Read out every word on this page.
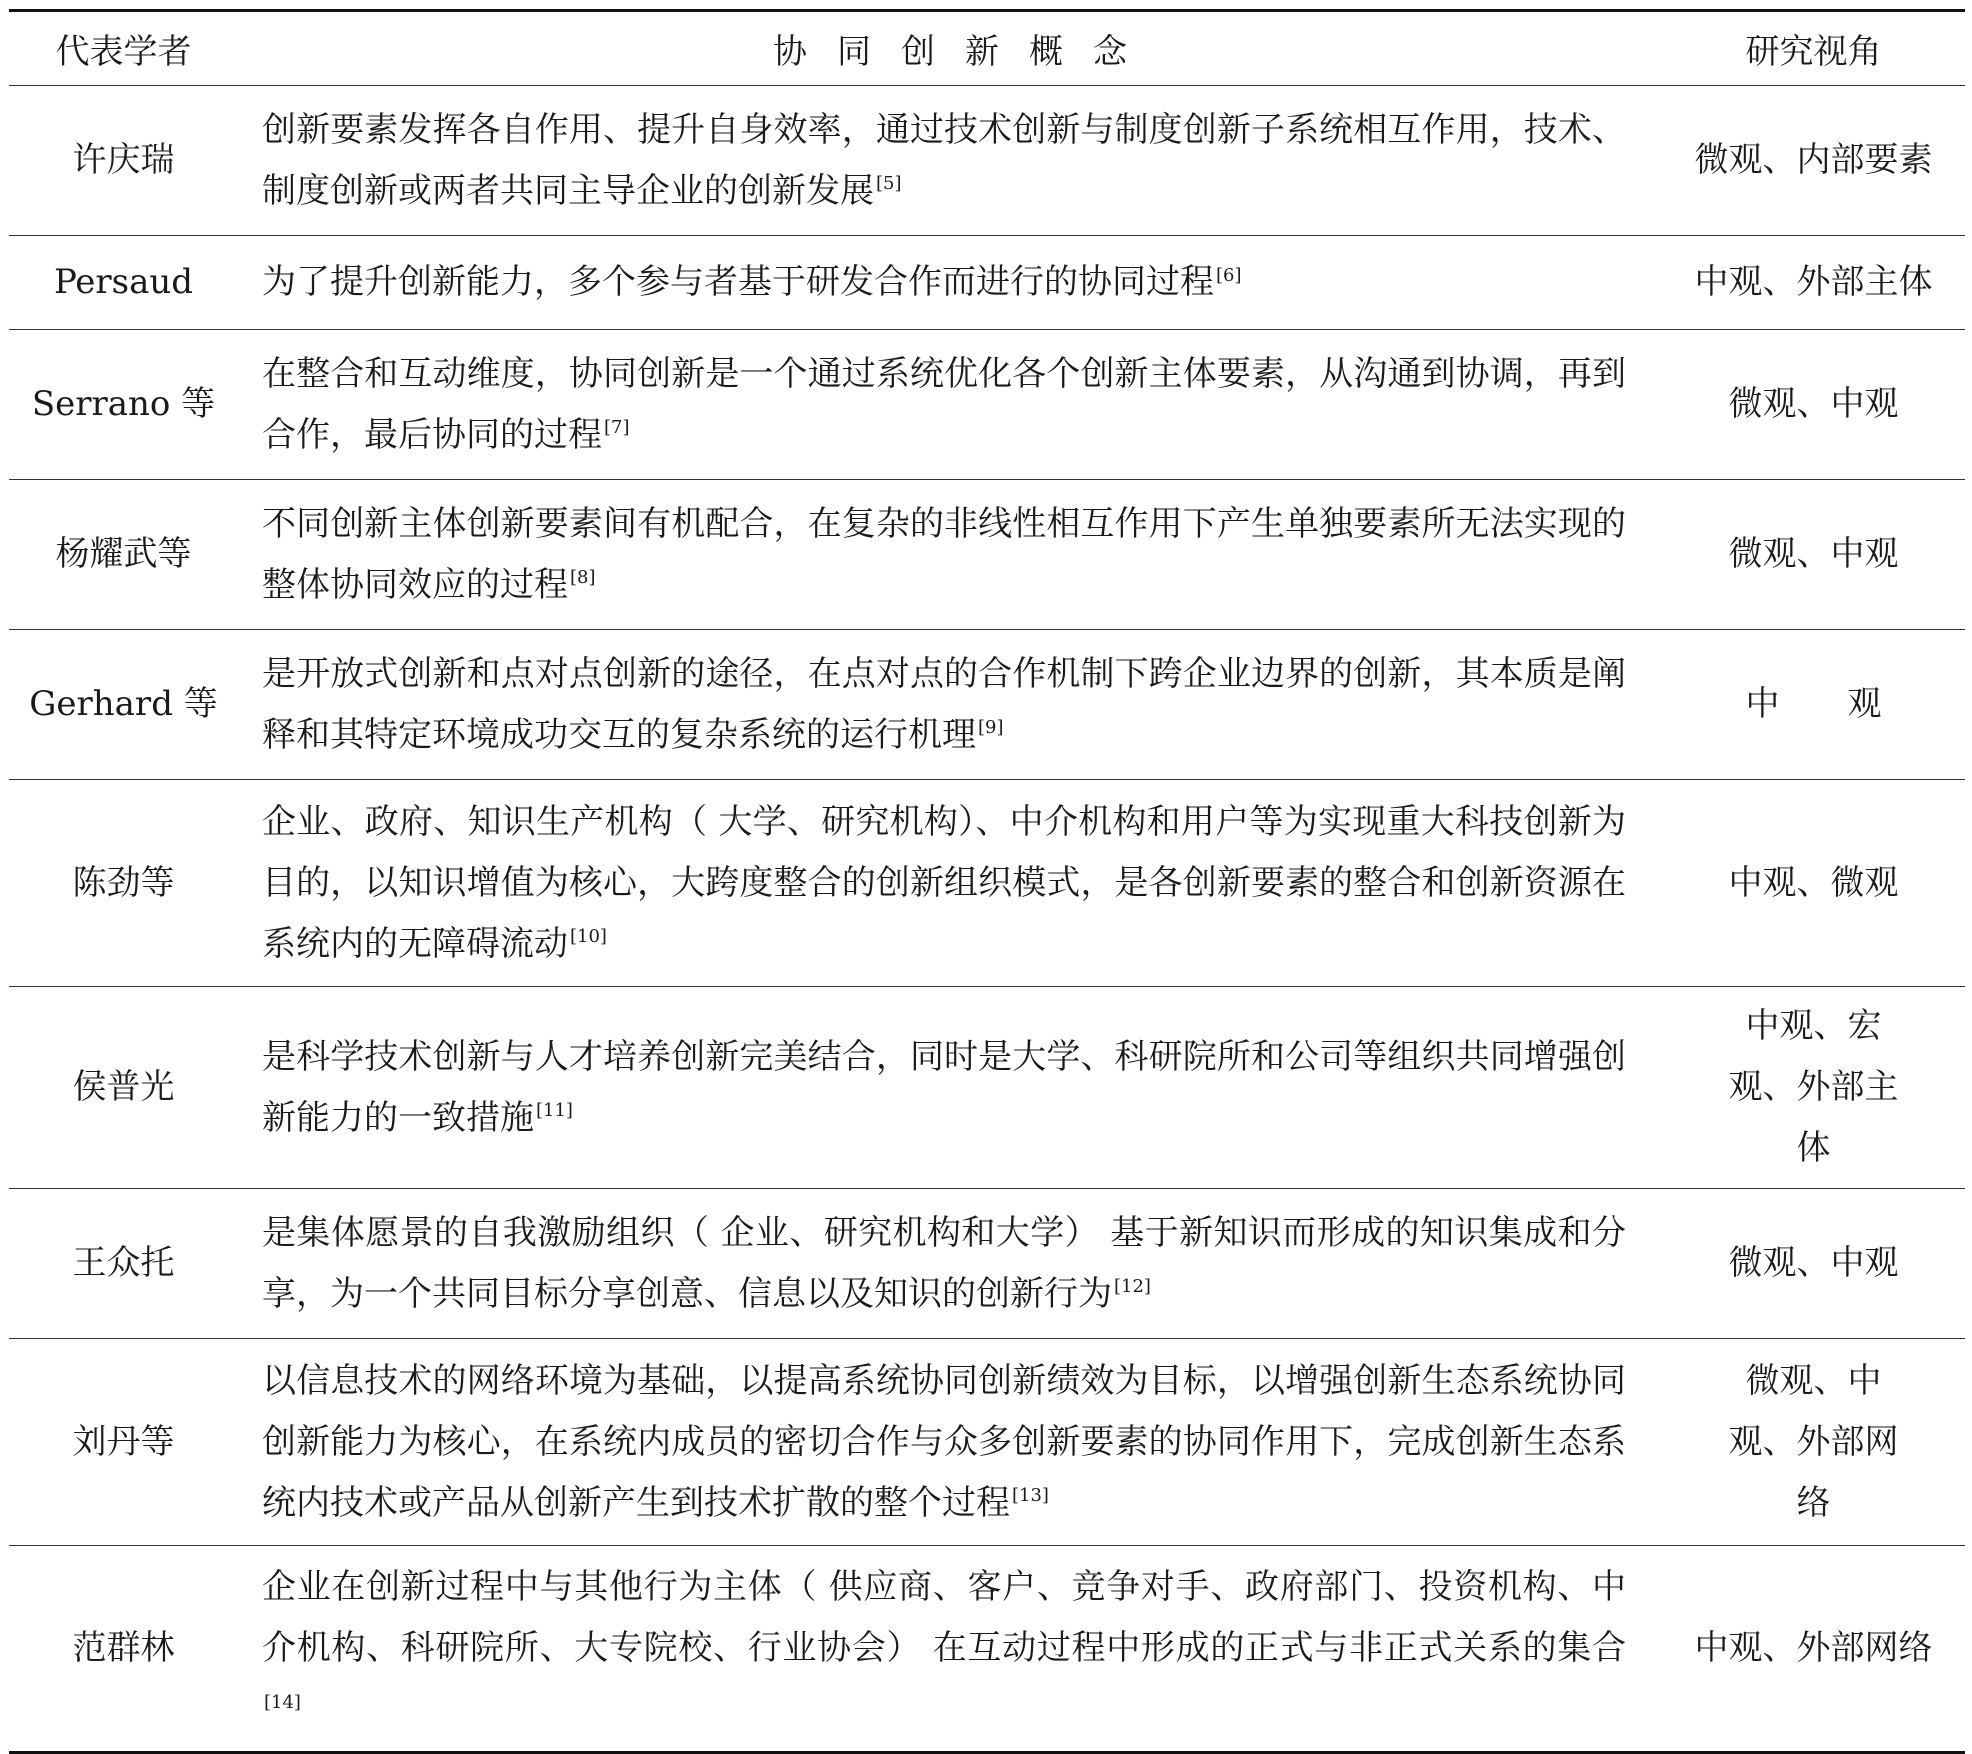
代表学者	协同创新概念	研究视角
许庆瑞	创新要素发挥各自作用、提升自身效率，通过技术创新与制度创新子系统相互作用，技术、制度创新或两者共同主导企业的创新发展 [5]	微观、内部要素
Persaud	为了提升创新能力，多个参与者基于研发合作而进行的协同过程 [6]	中观、外部主体
Serrano 等	在整合和互动维度，协同创新是一个通过系统优化各个创新主体要素，从沟通到协调，再到合作，最后协同的过程 [7]	微观、中观
杨耀武等	不同创新主体创新要素间有机配合，在复杂的非线性相互作用下产生单独要素所无法实现的整体协同效应的过程 [8]	微观、中观
Gerhard 等	是开放式创新和点对点创新的途径，在点对点的合作机制下跨企业边界的创新，其本质是阐释和其特定环境成功交互的复杂系统的运行机理 [9]	中　　观
陈劲等	企业、政府、知识生产机构（ 大学、研究机构）、中介机构和用户等为实现重大科技创新为目的，以知识增值为核心，大跨度整合的创新组织模式，是各创新要素的整合和创新资源在系统内的无障碍流动 [10]	中观、微观
侯普光	是科学技术创新与人才培养创新完美结合，同时是大学、科研院所和公司等组织共同增强创新能力的一致措施 [11]	中观、宏观、外部主体
王众托	是集体愿景的自我激励组织（ 企业、研究机构和大学） 基于新知识而形成的知识集成和分享，为一个共同目标分享创意、信息以及知识的创新行为 [12]	微观、中观
刘丹等	以信息技术的网络环境为基础，以提高系统协同创新绩效为目标，以增强创新生态系统协同创新能力为核心，在系统内成员的密切合作与众多创新要素的协同作用下，完成创新生态系统内技术或产品从创新产生到技术扩散的整个过程 [13]	微观、中观、外部网络
范群林	企业在创新过程中与其他行为主体（ 供应商、客户、竞争对手、政府部门、投资机构、中介机构、科研院所、大专院校、行业协会） 在互动过程中形成的正式与非正式关系的集合[14]	中观、外部网络
